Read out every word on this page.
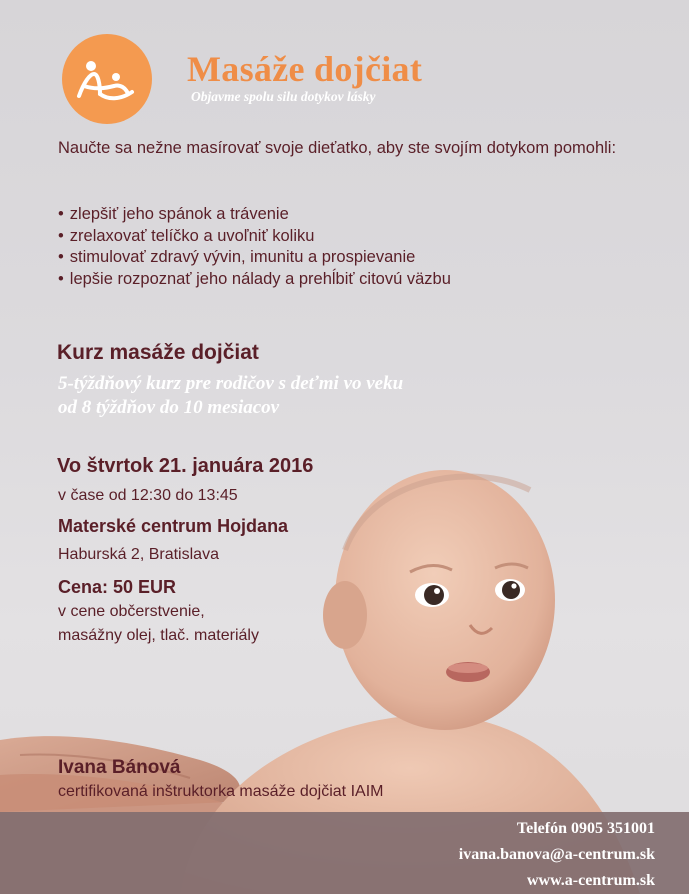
Masáže dojčiat
Objavme spolu silu dotykov lásky
Naučte sa nežne masírovať svoje dieťatko, aby ste svojím dotykom pomohli:
• zlepšiť jeho spánok a trávenie
• zrelaxovať telíčko a uvoľniť koliku
• stimulovať zdravý vývin, imunitu a prospievanie
• lepšie rozpoznať jeho nálady a prehĺbiť citovú väzbu
Kurz masáže dojčiat
5-týždňový kurz pre rodičov s deťmi vo veku
od 8 týždňov do 10 mesiacov
Vo štvrtok 21. januára 2016
v čase od 12:30 do 13:45
Materské centrum Hojdana
Haburská 2, Bratislava
Cena: 50 EUR
v cene občerstvenie,
masážny olej, tlač. materiály
Ivana Bánová
certifikovaná inštruktorka masáže dojčiat IAIM
Telefón 0905 351001
ivana.banova@a-centrum.sk
www.a-centrum.sk
